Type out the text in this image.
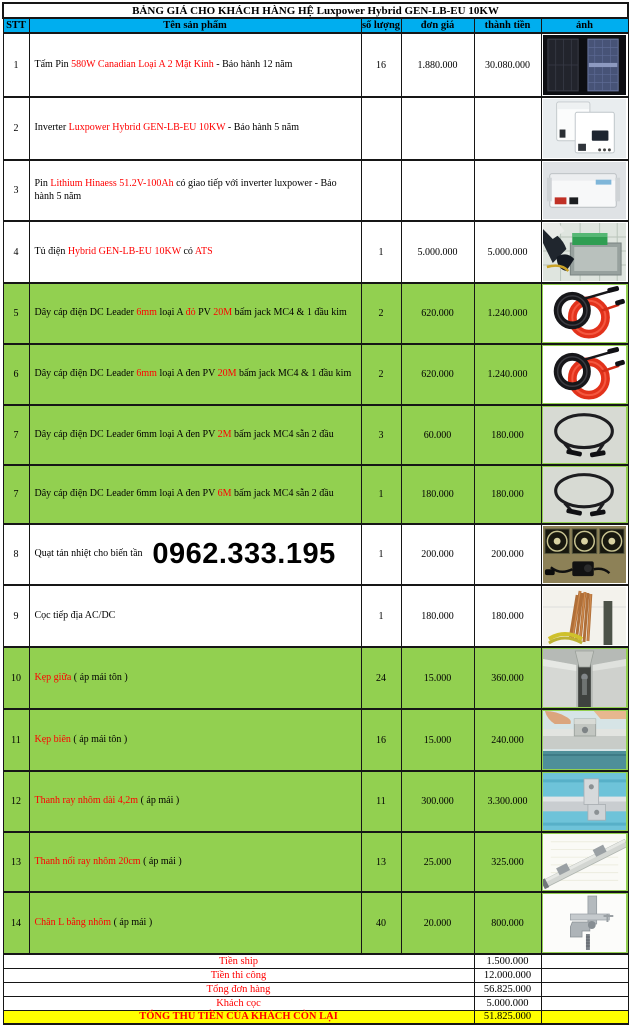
BẢNG GIÁ CHO KHÁCH HÀNG HỆ Luxpower Hybrid GEN-LB-EU 10KW					
STT	Tên sản phẩm	số lượng	đơn giá	thành tiền	ảnh
1	Tấm Pin 580W Canadian Loại A 2 Mặt Kính - Bảo hành 12 năm	16	1.880.000	30.080.000	

2	Inverter Luxpower Hybrid GEN-LB-EU 10KW - Bảo hành 5 năm

3	Pin Lithium Hinaess 51.2V-100Ah có giao tiếp với inverter luxpower - Bảo hành 5 năm

4	Tủ điện Hybrid GEN-LB-EU 10KW có ATS	1	5.000.000	5.000.000	

5	Dây cáp điện DC Leader 6mm loại A đỏ PV 20M bấm jack MC4 & 1 đầu kim	2	620.000	1.240.000	

6	Dây cáp điện DC Leader 6mm loại A đen PV 20M bấm jack MC4 & 1 đầu kim	2	620.000	1.240.000	

7	Dây cáp điện DC Leader 6mm loại A đen PV 2M bấm jack MC4 sẵn 2 đầu	3	60.000	180.000	

7	Dây cáp điện DC Leader 6mm loại A đen PV 6M bấm jack MC4 sẵn 2 đầu	1	180.000	180.000	

8	Quạt tản nhiệt cho biến tần 0962.333.195	1	200.000	200.000	

9	Cọc tiếp địa AC/DC	1	180.000	180.000	

10	Kẹp giữa ( áp mái tôn )	24	15.000	360.000	

11	Kẹp biên ( áp mái tôn )	16	15.000	240.000	

12	Thanh ray nhôm dài 4,2m ( áp mái )	11	300.000	3.300.000	

13	Thanh nối ray nhôm 20cm ( áp mái )	13	25.000	325.000	

14	Chân L bằng nhôm ( áp mái )	40	20.000	800.000	

Tiền ship				1.500.000	
Tiền thi công				12.000.000	
Tổng đơn hàng				56.825.000	
Khách cọc				5.000.000	
TỔNG THU TIỀN CỦA KHÁCH CÒN LẠI				51.825.000	
